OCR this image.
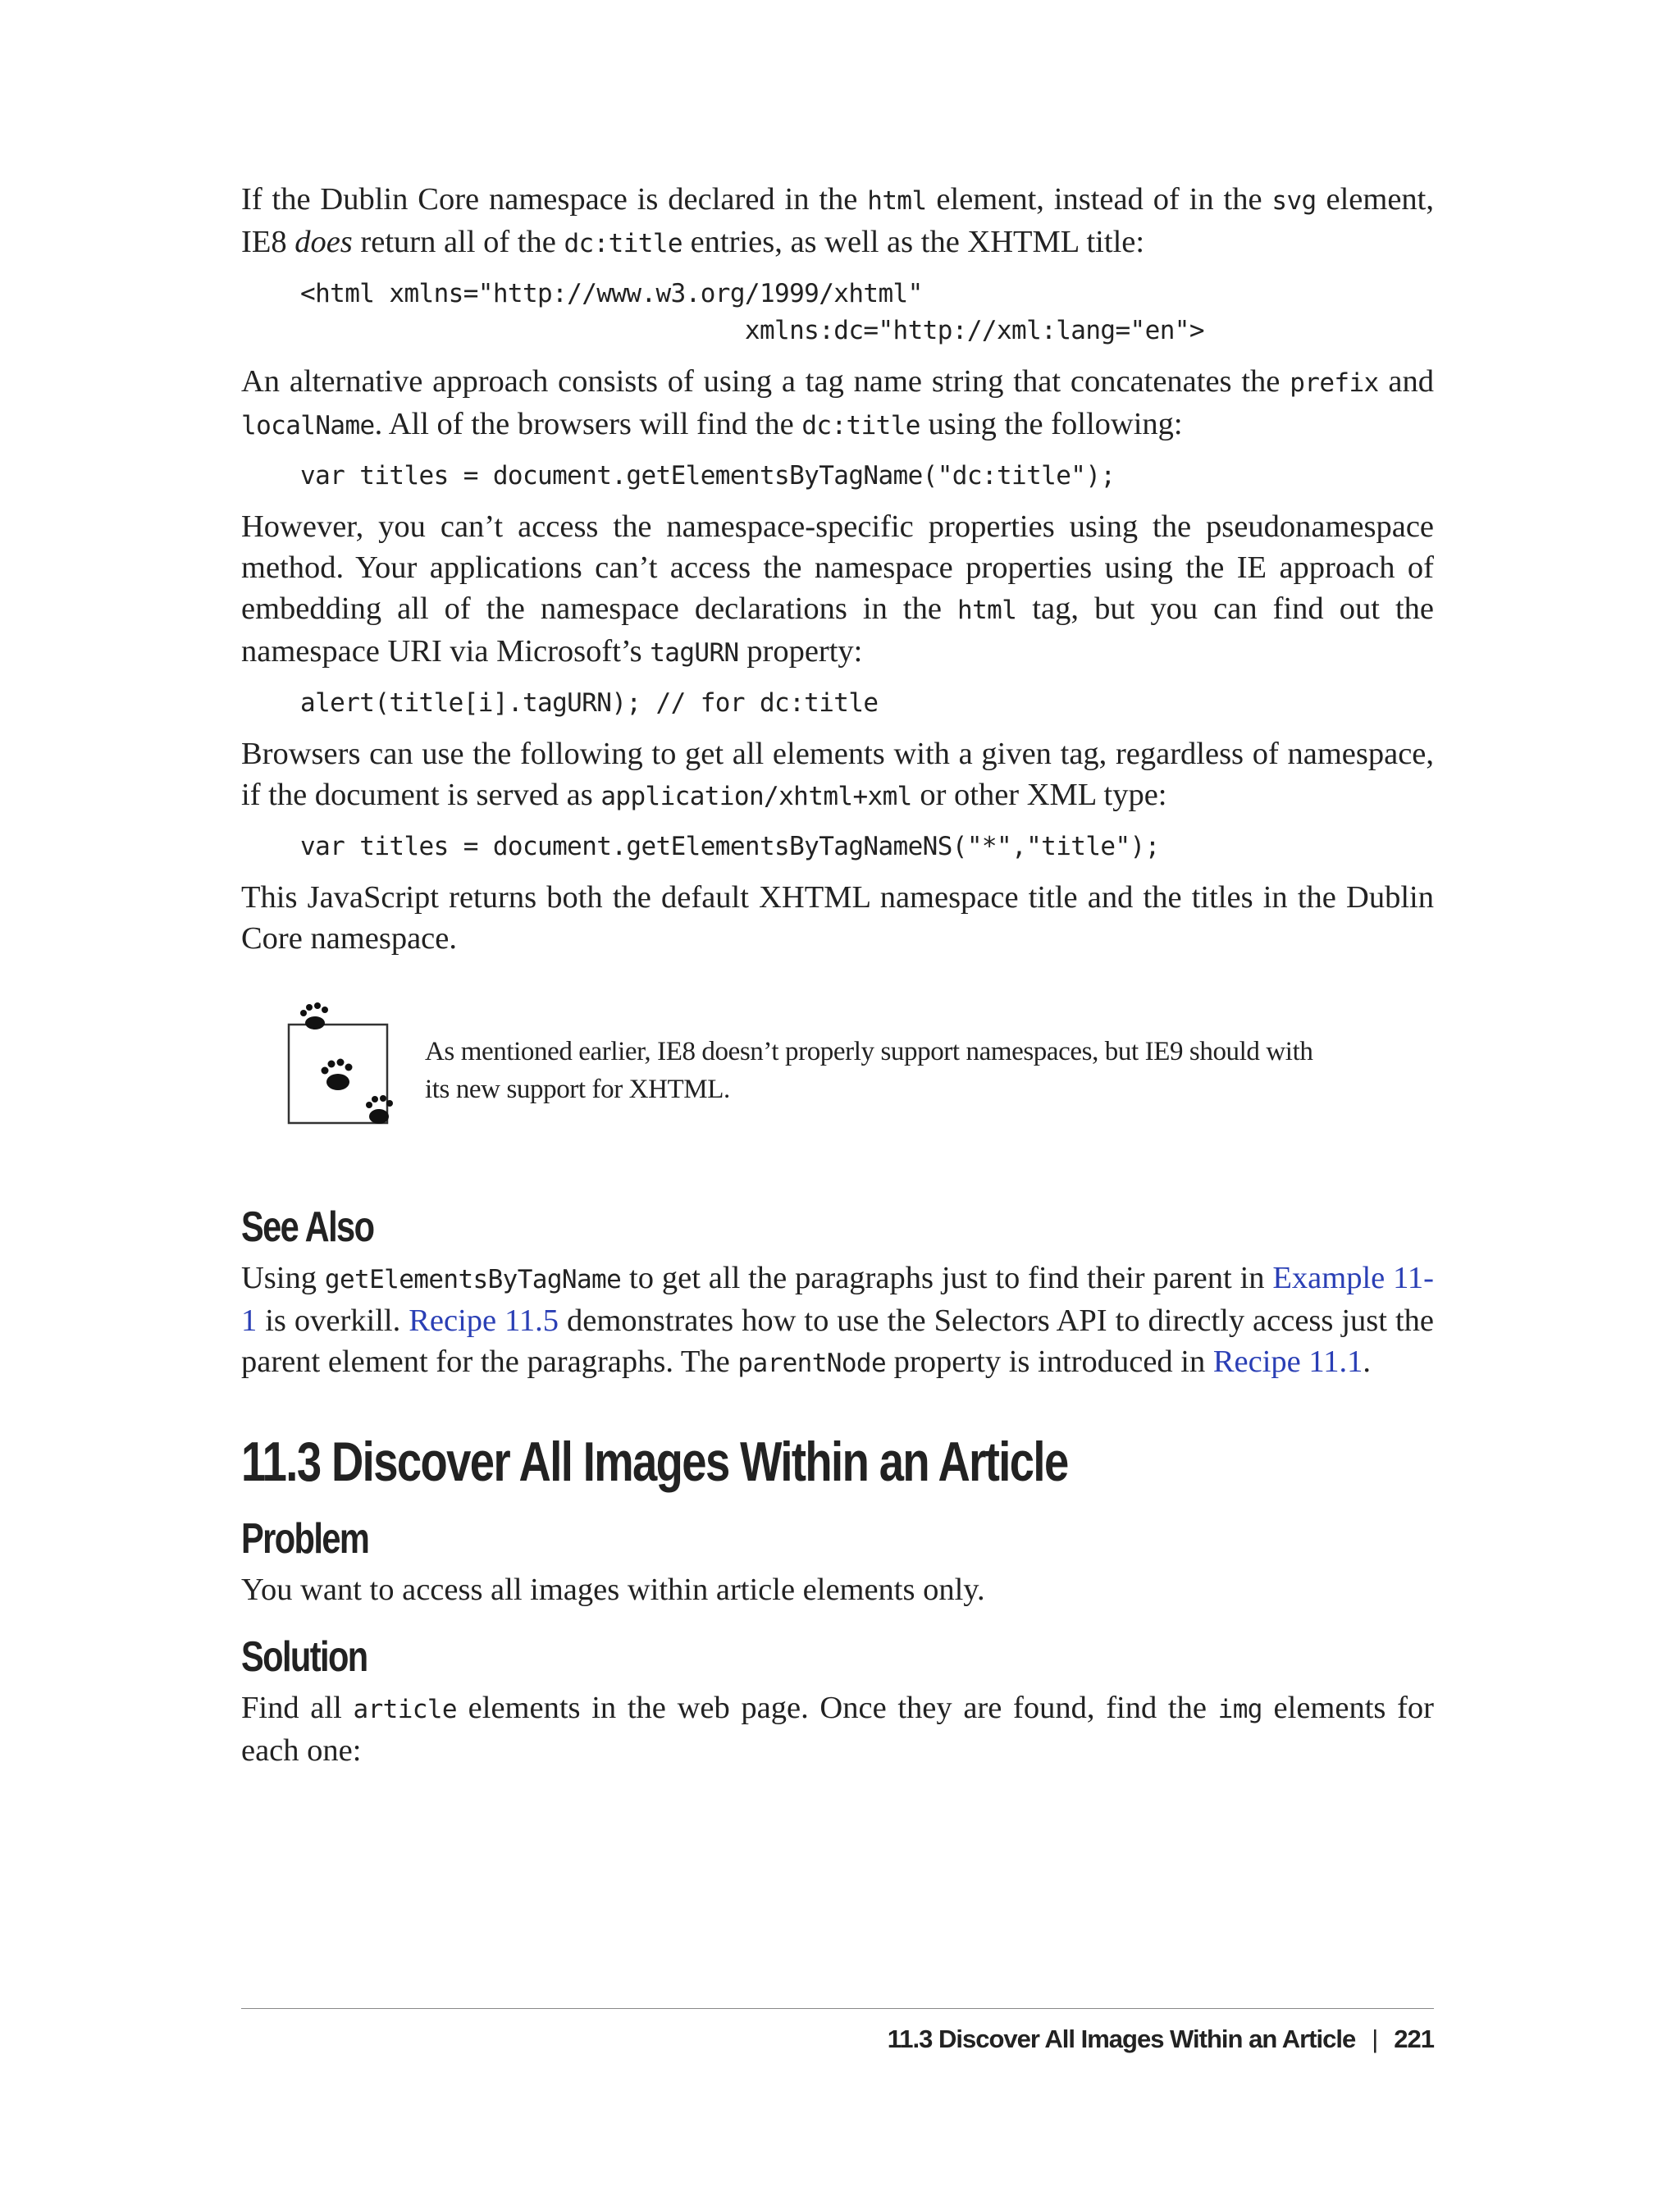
If the Dublin Core namespace is declared in the html element, instead of in the svg element, IE8 does return all of the dc:title entries, as well as the XHTML title:

<html xmlns="http://www.w3.org/1999/xhtml"
xmlns:dc="http://xml:lang="en">

An alternative approach consists of using a tag name string that concatenates the prefix and localName. All of the browsers will find the dc:title using the following:

var titles = document.getElementsByTagName("dc:title");

However, you can’t access the namespace-specific properties using the pseudonamespace method. Your applications can’t access the namespace properties using the IE approach of embedding all of the namespace declarations in the html tag, but you can find out the namespace URI via Microsoft’s tagURN property:

alert(title[i].tagURN); // for dc:title

Browsers can use the following to get all elements with a given tag, regardless of namespace, if the document is served as application/xhtml+xml or other XML type:

var titles = document.getElementsByTagNameNS("*","title");

This JavaScript returns both the default XHTML namespace title and the titles in the Dublin Core namespace.

As mentioned earlier, IE8 doesn’t properly support namespaces, but IE9 should with its new support for XHTML.
See Also

Using getElementsByTagName to get all the paragraphs just to find their parent in Example 11-1 is overkill. Recipe 11.5 demonstrates how to use the Selectors API to directly access just the parent element for the paragraphs. The parentNode property is introduced in Recipe 11.1.

11.3 Discover All Images Within an Article
Problem

You want to access all images within article elements only.

Solution

Find all article elements in the web page. Once they are found, find the img elements for each one:

11.3 Discover All Images Within an Article | 221
